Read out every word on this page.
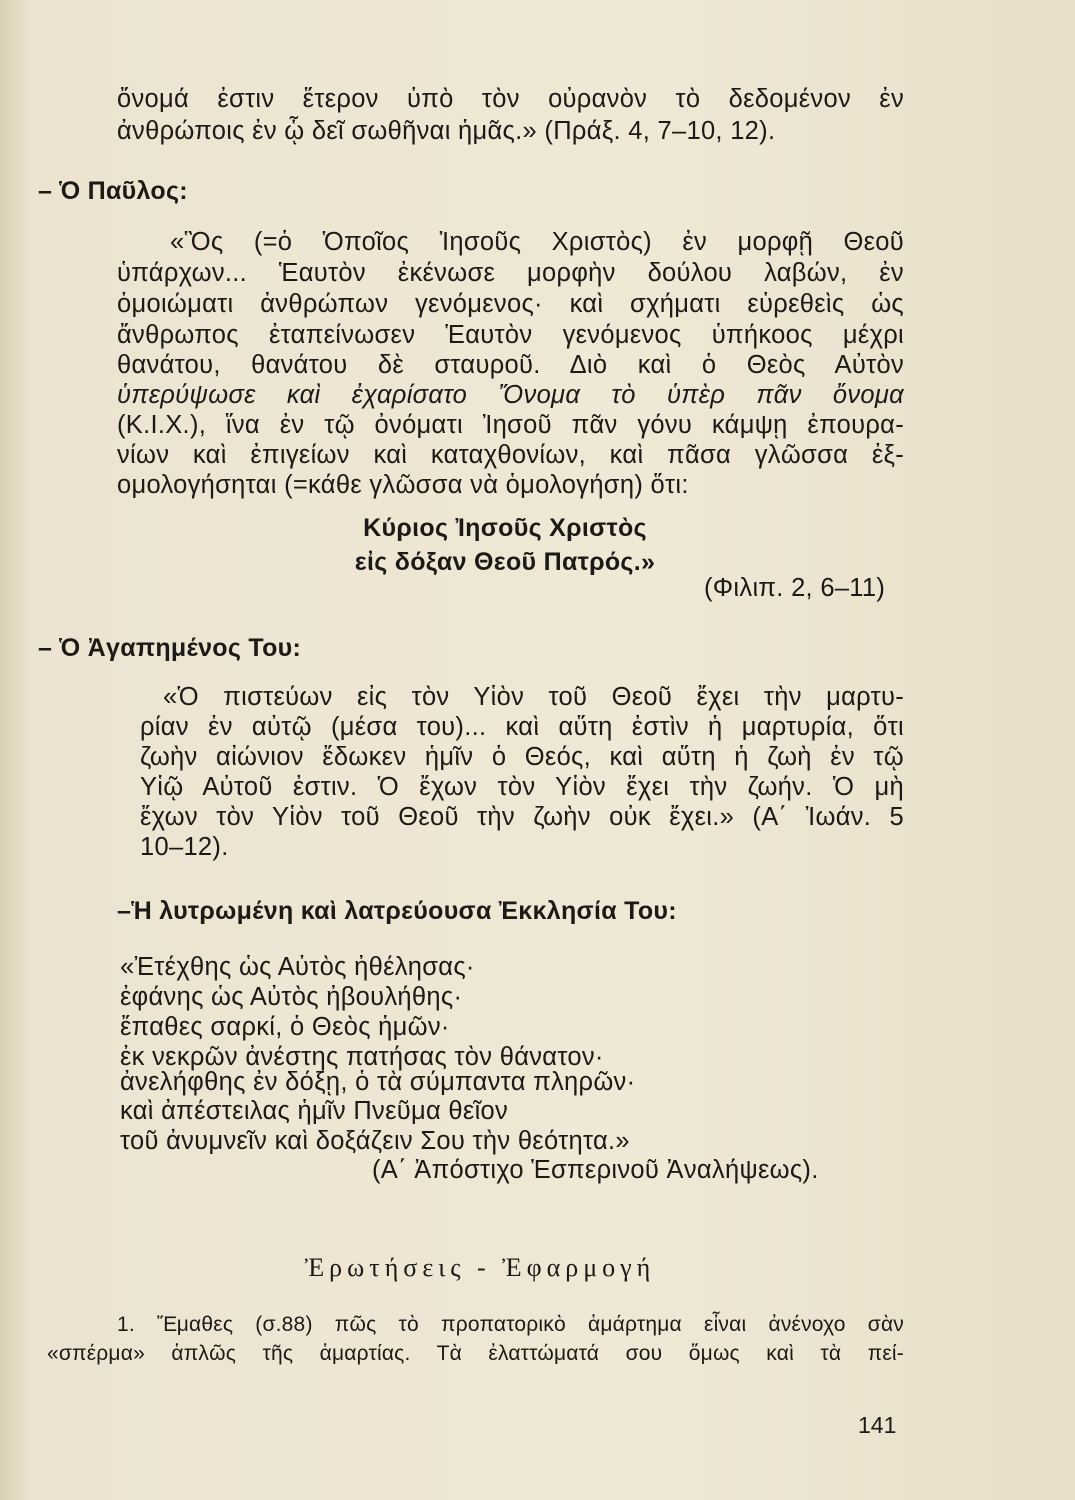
ὄνομά ἐστιν ἕτερον ὑπὸ τὸν οὐρανὸν τὸ δεδομένον ἐν
ἀνθρώποις ἐν ᾧ δεῖ σωθῆναι ἡμᾶς.» (Πράξ. 4, 7–10, 12).
– Ὁ Παῦλος:
«Ὃς (=ὁ Ὁποῖος Ἰησοῦς Χριστὸς) ἐν μορφῇ Θεοῦ
ὑπάρχων... Ἑαυτὸν ἐκένωσε μορφὴν δούλου λαβών, ἐν
ὁμοιώματι ἀνθρώπων γενόμενος· καὶ σχήματι εὑρεθεὶς ὡς
ἄνθρωπος ἐταπείνωσεν Ἑαυτὸν γενόμενος ὑπήκοος μέχρι
θανάτου, θανάτου δὲ σταυροῦ. Διὸ καὶ ὁ Θεὸς Αὐτὸν
ὑπερύψωσε καὶ ἐχαρίσατο Ὄνομα τὸ ὑπὲρ πᾶν ὄνομα
(Κ.Ι.Χ.), ἵνα ἐν τῷ ὀνόματι Ἰησοῦ πᾶν γόνυ κάμψῃ ἐπουρα-
νίων καὶ ἐπιγείων καὶ καταχθονίων, καὶ πᾶσα γλῶσσα ἐξ-
ομολογήσηται (=κάθε γλῶσσα νὰ ὁμολογήση) ὅτι:
Κύριος Ἰησοῦς Χριστὸς
εἰς δόξαν Θεοῦ Πατρός.»
(Φιλιπ. 2, 6–11)
– Ὁ Ἀγαπημένος Του:
«Ὁ πιστεύων εἰς τὸν Υἱὸν τοῦ Θεοῦ ἔχει τὴν μαρτυ-
ρίαν ἐν αὐτῷ (μέσα του)... καὶ αὕτη ἐστὶν ἡ μαρτυρία, ὅτι
ζωὴν αἰώνιον ἔδωκεν ἡμῖν ὁ Θεός, καὶ αὕτη ἡ ζωὴ ἐν τῷ
Υἱῷ Αὐτοῦ ἐστιν. Ὁ ἔχων τὸν Υἱὸν ἔχει τὴν ζωήν. Ὁ μὴ
ἔχων τὸν Υἱὸν τοῦ Θεοῦ τὴν ζωὴν οὐκ ἔχει.» (Α΄ Ἰωάν. 5
10–12).
–Ἡ λυτρωμένη καὶ λατρεύουσα Ἐκκλησία Του:
«Ἐτέχθης ὡς Αὐτὸς ἠθέλησας·
ἐφάνης ὡς Αὐτὸς ἠβουλήθης·
ἔπαθες σαρκί, ὁ Θεὸς ἡμῶν·
ἐκ νεκρῶν ἀνέστης πατήσας τὸν θάνατον·
ἀνελήφθης ἐν δόξῃ, ὁ τὰ σύμπαντα πληρῶν·
καὶ ἀπέστειλας ἡμῖν Πνεῦμα θεῖον
τοῦ ἀνυμνεῖν καὶ δοξάζειν Σου τὴν θεότητα.»
(Α΄ Ἀπόστιχο Ἑσπερινοῦ Ἀναλήψεως).
Ἐρωτήσεις - Ἐφαρμογή
1. Ἔμαθες (σ.88) πῶς τὸ προπατορικὸ ἁμάρτημα εἶναι ἀνένοχο σὰν
«σπέρμα» ἁπλῶς τῆς ἁμαρτίας. Τὰ ἐλαττώματά σου ὅμως καὶ τὰ πεί-
141
